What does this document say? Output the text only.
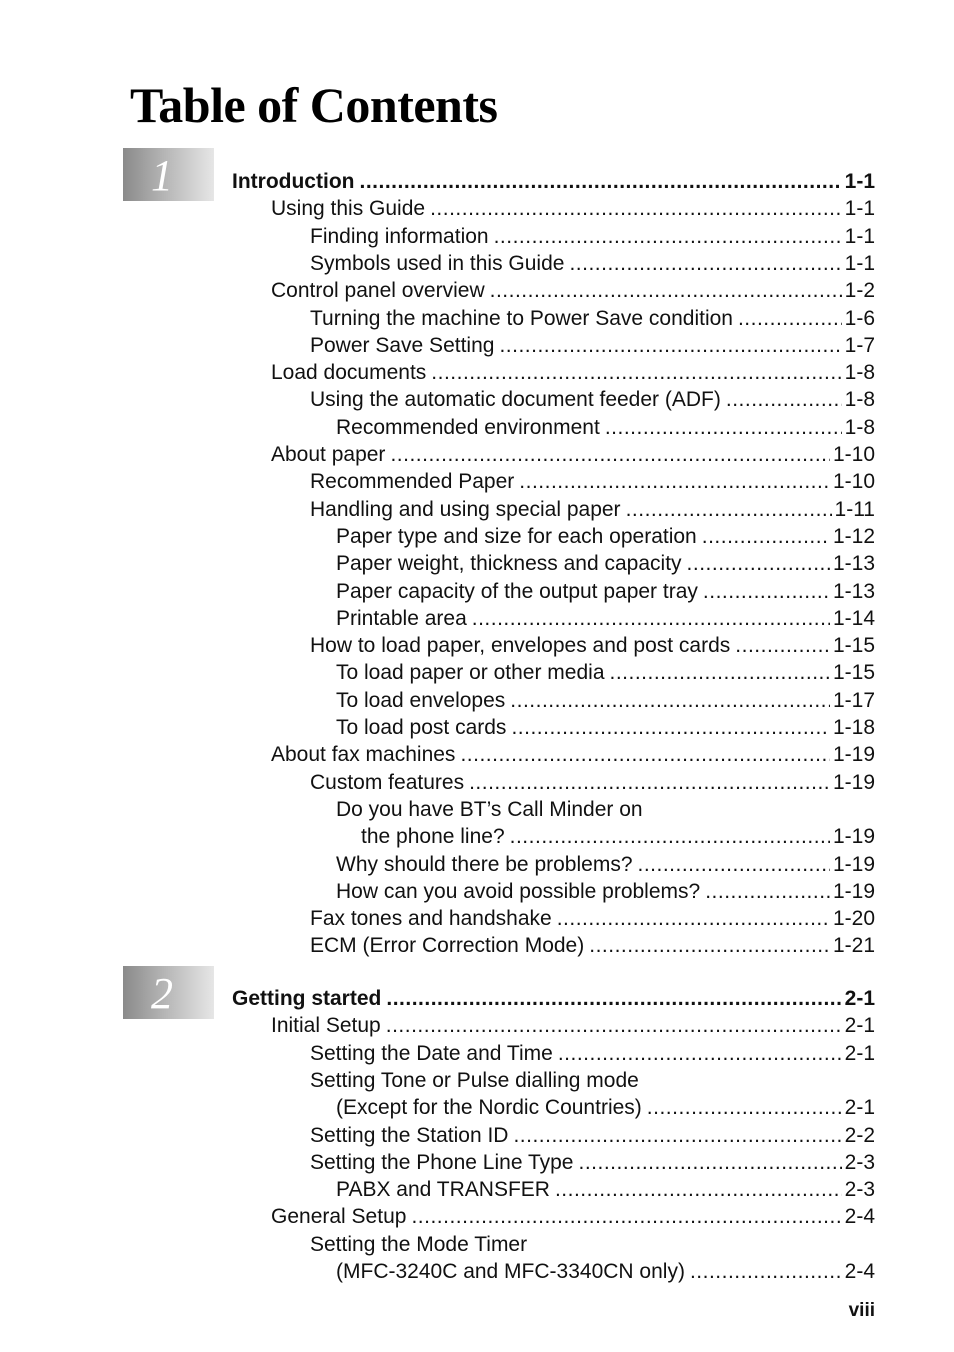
Table of Contents
1	Introduction .....	1-1
Using this Guide .....	1-1
Finding information .....	1-1
Symbols used in this Guide .....	1-1
Control panel overview .....	1-2
Turning the machine to Power Save condition .....	1-6
Power Save Setting .....	1-7
Load documents .....	1-8
Using the automatic document feeder (ADF) .....	1-8
Recommended environment .....	1-8
About paper .....	1-10
Recommended Paper .....	1-10
Handling and using special paper .....	1-11
Paper type and size for each operation .....	1-12
Paper weight, thickness and capacity .....	1-13
Paper capacity of the output paper tray .....	1-13
Printable area .....	1-14
How to load paper, envelopes and post cards .....	1-15
To load paper or other media .....	1-15
To load envelopes .....	1-17
To load post cards .....	1-18
About fax machines .....	1-19
Custom features .....	1-19
Do you have BT’s Call Minder on
the phone line? .....	1-19
Why should there be problems? .....	1-19
How can you avoid possible problems? .....	1-19
Fax tones and handshake .....	1-20
ECM (Error Correction Mode) .....	1-21
2	Getting started .....	2-1
Initial Setup .....	2-1
Setting the Date and Time .....	2-1
Setting Tone or Pulse dialling mode
(Except for the Nordic Countries) .....	2-1
Setting the Station ID .....	2-2
Setting the Phone Line Type .....	2-3
PABX and TRANSFER .....	2-3
General Setup .....	2-4
Setting the Mode Timer
(MFC-3240C and MFC-3340CN only) .....	2-4
viii
